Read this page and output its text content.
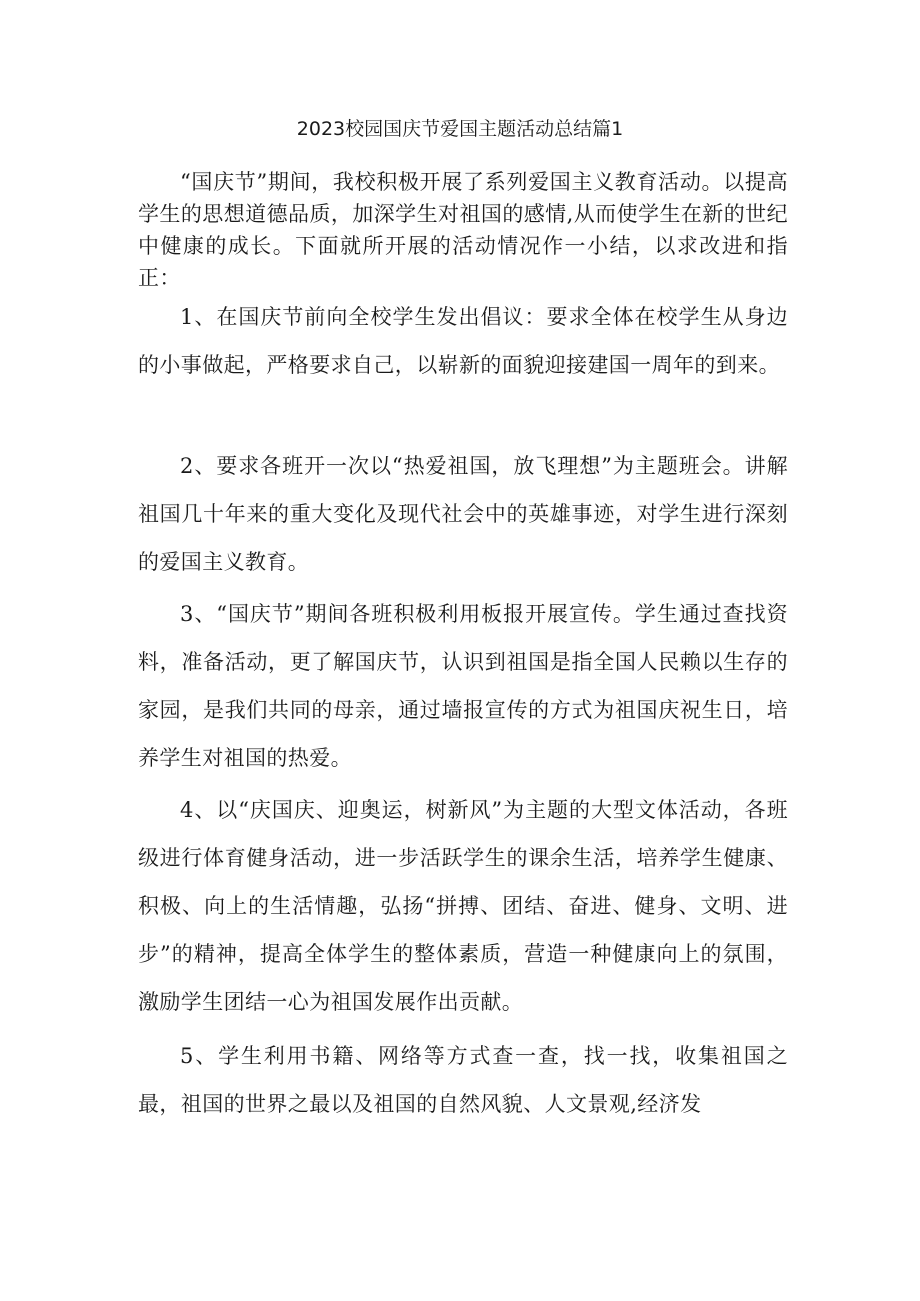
2023校园国庆节爱国主题活动总结篇1

“国庆节”期间，我校积极开展了系列爱国主义教育活动。以提高学生的思想道德品质，加深学生对祖国的感情,从而使学生在新的世纪中健康的成长。下面就所开展的活动情况作一小结，以求改进和指正：

1、在国庆节前向全校学生发出倡议：要求全体在校学生从身边的小事做起，严格要求自己，以崭新的面貌迎接建国一周年的到来。

2、要求各班开一次以“热爱祖国，放飞理想”为主题班会。讲解祖国几十年来的重大变化及现代社会中的英雄事迹，对学生进行深刻的爱国主义教育。

3、“国庆节”期间各班积极利用板报开展宣传。学生通过查找资料，准备活动，更了解国庆节，认识到祖国是指全国人民赖以生存的家园，是我们共同的母亲，通过墙报宣传的方式为祖国庆祝生日，培养学生对祖国的热爱。

4、以“庆国庆、迎奥运，树新风”为主题的大型文体活动，各班级进行体育健身活动，进一步活跃学生的课余生活，培养学生健康、积极、向上的生活情趣，弘扬“拼搏、团结、奋进、健身、文明、进步”的精神，提高全体学生的整体素质，营造一种健康向上的氛围，激励学生团结一心为祖国发展作出贡献。

5、学生利用书籍、网络等方式查一查，找一找，收集祖国之最，祖国的世界之最以及祖国的自然风貌、人文景观,经济发
